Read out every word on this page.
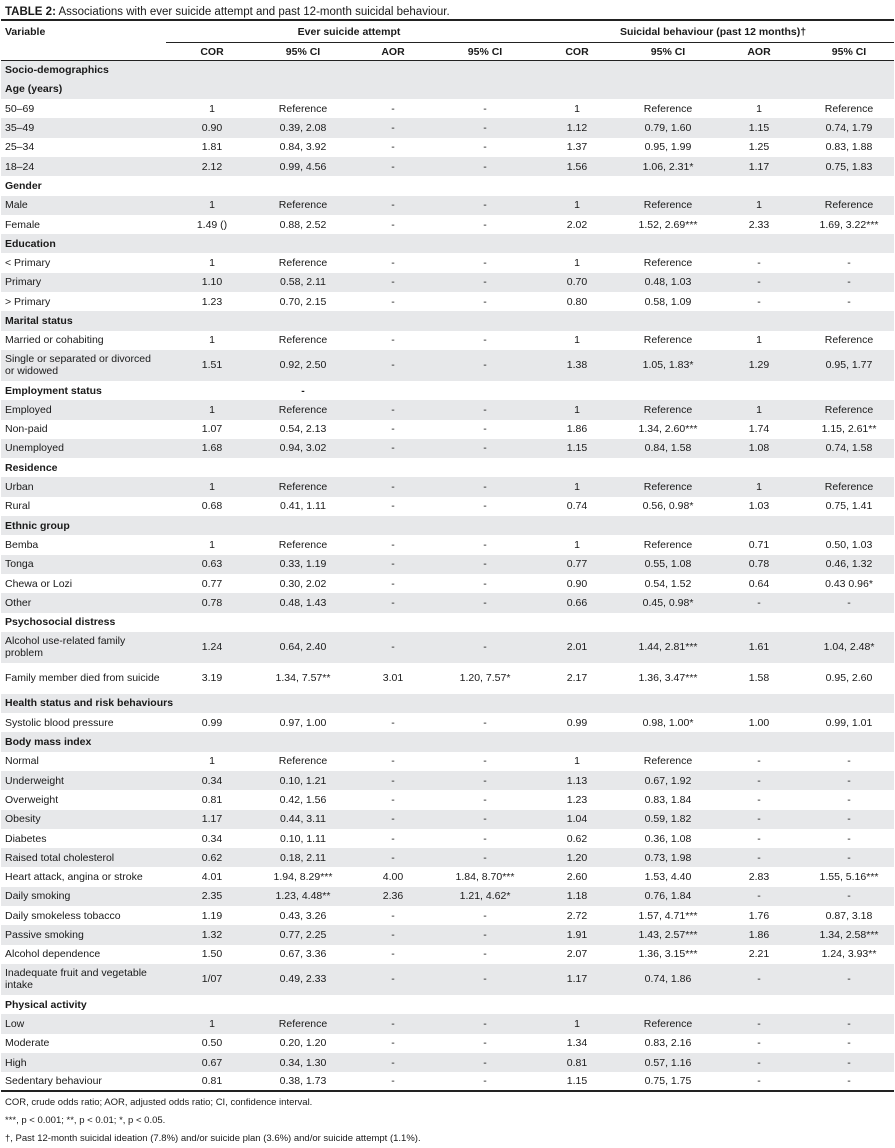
TABLE 2: Associations with ever suicide attempt and past 12-month suicidal behaviour.
Variable	Ever suicide attempt				Suicidal behaviour (past 12 months)†			
	COR	95% CI	AOR	95% CI	COR	95% CI	AOR	95% CI
Socio-demographics								
Age (years)								
50–69	1	Reference	-	-	1	Reference	1	Reference
35–49	0.90	0.39, 2.08	-	-	1.12	0.79, 1.60	1.15	0.74, 1.79
25–34	1.81	0.84, 3.92	-	-	1.37	0.95, 1.99	1.25	0.83, 1.88
18–24	2.12	0.99, 4.56	-	-	1.56	1.06, 2.31*	1.17	0.75, 1.83
Gender								
Male	1	Reference	-	-	1	Reference	1	Reference
Female	1.49 ()	0.88, 2.52	-	-	2.02	1.52, 2.69***	2.33	1.69, 3.22***
Education								
< Primary	1	Reference	-	-	1	Reference	-	-
Primary	1.10	0.58, 2.11	-	-	0.70	0.48, 1.03	-	-
> Primary	1.23	0.70, 2.15	-	-	0.80	0.58, 1.09	-	-
Marital status								
Married or cohabiting	1	Reference	-	-	1	Reference	1	Reference
Single or separated or divorced or widowed	1.51	0.92, 2.50	-	-	1.38	1.05, 1.83*	1.29	0.95, 1.77
Employment status		-						
Employed	1	Reference	-	-	1	Reference	1	Reference
Non-paid	1.07	0.54, 2.13	-	-	1.86	1.34, 2.60***	1.74	1.15, 2.61**
Unemployed	1.68	0.94, 3.02	-	-	1.15	0.84, 1.58	1.08	0.74, 1.58
Residence								
Urban	1	Reference	-	-	1	Reference	1	Reference
Rural	0.68	0.41, 1.11	-	-	0.74	0.56, 0.98*	1.03	0.75, 1.41
Ethnic group								
Bemba	1	Reference	-	-	1	Reference	0.71	0.50, 1.03
Tonga	0.63	0.33, 1.19	-	-	0.77	0.55, 1.08	0.78	0.46, 1.32
Chewa or Lozi	0.77	0.30, 2.02	-	-	0.90	0.54, 1.52	0.64	0.43 0.96*
Other	0.78	0.48, 1.43	-	-	0.66	0.45, 0.98*	-	-
Psychosocial distress								
Alcohol use-related family problem	1.24	0.64, 2.40	-	-	2.01	1.44, 2.81***	1.61	1.04, 2.48*
Family member died from suicide	3.19	1.34, 7.57**	3.01	1.20, 7.57*	2.17	1.36, 3.47***	1.58	0.95, 2.60
Health status and risk behaviours								
Systolic blood pressure	0.99	0.97, 1.00	-	-	0.99	0.98, 1.00*	1.00	0.99, 1.01
Body mass index								
Normal	1	Reference	-	-	1	Reference	-	-
Underweight	0.34	0.10, 1.21	-	-	1.13	0.67, 1.92	-	-
Overweight	0.81	0.42, 1.56	-	-	1.23	0.83, 1.84	-	-
Obesity	1.17	0.44, 3.11	-	-	1.04	0.59, 1.82	-	-
Diabetes	0.34	0.10, 1.11	-	-	0.62	0.36, 1.08	-	-
Raised total cholesterol	0.62	0.18, 2.11	-	-	1.20	0.73, 1.98	-	-
Heart attack, angina or stroke	4.01	1.94, 8.29***	4.00	1.84, 8.70***	2.60	1.53, 4.40	2.83	1.55, 5.16***
Daily smoking	2.35	1.23, 4.48**	2.36	1.21, 4.62*	1.18	0.76, 1.84	-	-
Daily smokeless tobacco	1.19	0.43, 3.26	-	-	2.72	1.57, 4.71***	1.76	0.87, 3.18
Passive smoking	1.32	0.77, 2.25	-	-	1.91	1.43, 2.57***	1.86	1.34, 2.58***
Alcohol dependence	1.50	0.67, 3.36	-	-	2.07	1.36, 3.15***	2.21	1.24, 3.93**
Inadequate fruit and vegetable intake	1/07	0.49, 2.33	-	-	1.17	0.74, 1.86	-	-
Physical activity								
Low	1	Reference	-	-	1	Reference	-	-
Moderate	0.50	0.20, 1.20	-	-	1.34	0.83, 2.16	-	-
High	0.67	0.34, 1.30	-	-	0.81	0.57, 1.16	-	-
Sedentary behaviour	0.81	0.38, 1.73	-	-	1.15	0.75, 1.75	-	-
COR, crude odds ratio; AOR, adjusted odds ratio; CI, confidence interval.
***, p < 0.001; **, p < 0.01; *, p < 0.05.
†, Past 12-month suicidal ideation (7.8%) and/or suicide plan (3.6%) and/or suicide attempt (1.1%).
